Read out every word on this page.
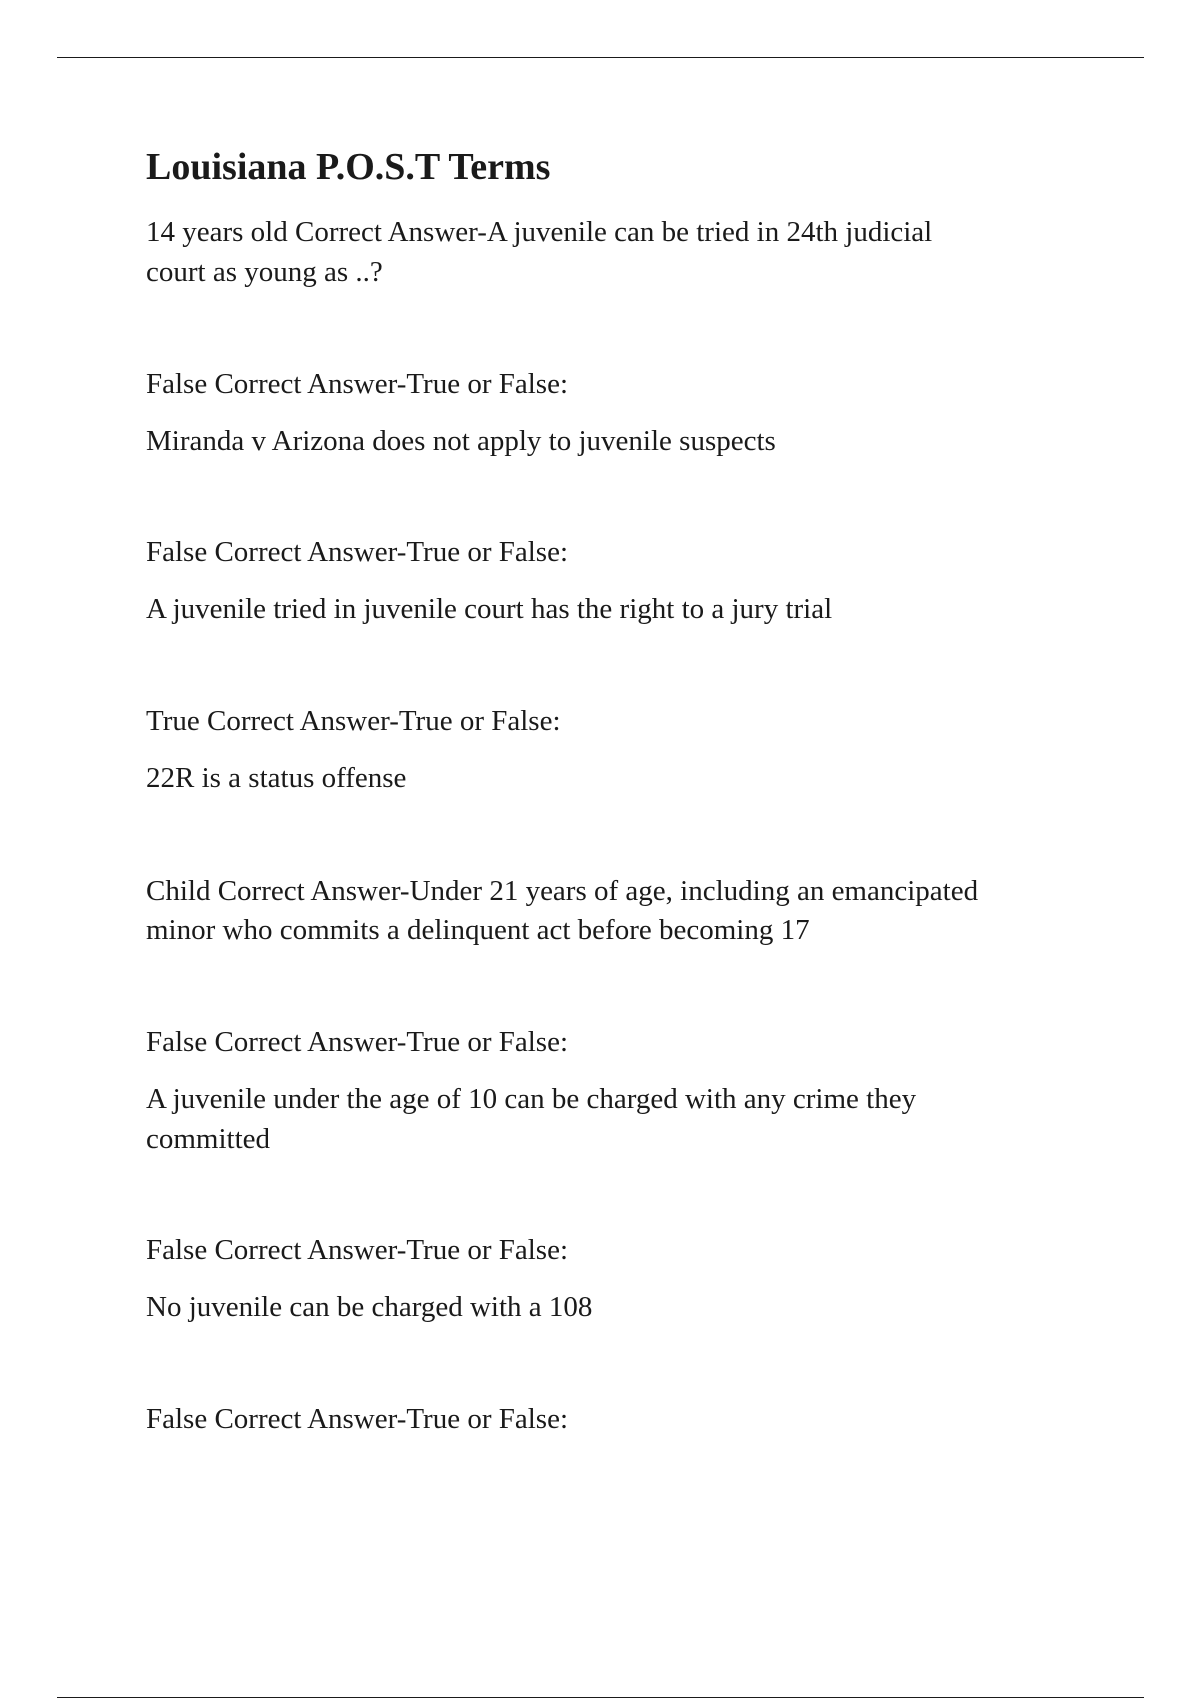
Louisiana P.O.S.T Terms

14 years old Correct Answer-A juvenile can be tried in 24th judicial

court as young as ..?

False Correct Answer-True or False:

Miranda v Arizona does not apply to juvenile suspects

False Correct Answer-True or False:

A juvenile tried in juvenile court has the right to a jury trial

True Correct Answer-True or False:

22R is a status offense

Child Correct Answer-Under 21 years of age, including an emancipated

minor who commits a delinquent act before becoming 17

False Correct Answer-True or False:

A juvenile under the age of 10 can be charged with any crime they

committed

False Correct Answer-True or False:

No juvenile can be charged with a 108

False Correct Answer-True or False:
